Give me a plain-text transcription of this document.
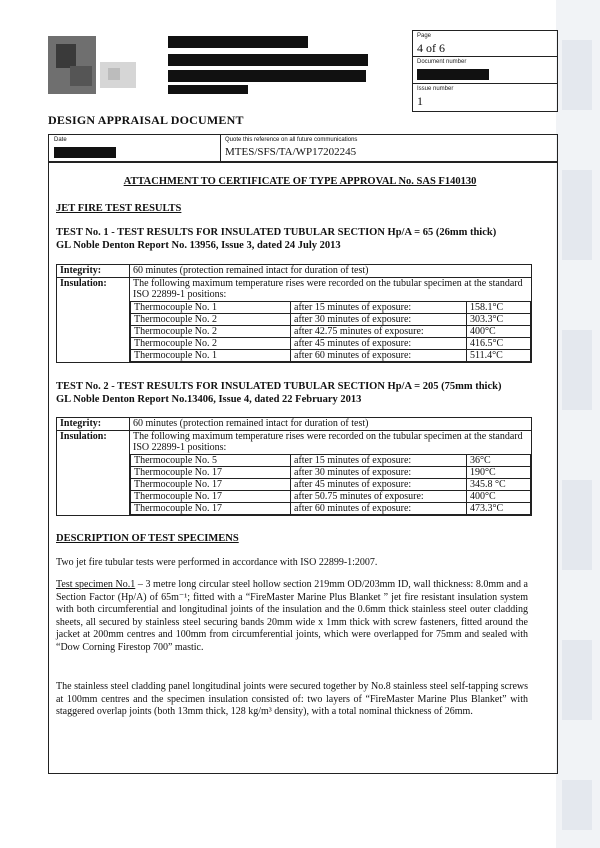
Page
4 of 6
Document number
Issue number
1
DESIGN APPRAISAL DOCUMENT
Date	Quote this reference on all future communications
MTES/SFS/TA/WP17202245
ATTACHMENT TO CERTIFICATE OF TYPE APPROVAL No. SAS F140130
JET FIRE TEST RESULTS
TEST No. 1 - TEST RESULTS FOR INSULATED TUBULAR SECTION Hp/A = 65 (26mm thick)
GL Noble Denton Report No. 13956, Issue 3, dated 24 July 2013
Integrity:	60 minutes (protection remained intact for duration of test)
Insulation:	The following maximum temperature rises were recorded on the tubular specimen at the standard ISO 22899-1 positions:
Thermocouple No. 1	after 15 minutes of exposure:	158.1°C
Thermocouple No. 2	after 30 minutes of exposure:	303.3°C
Thermocouple No. 2	after 42.75 minutes of exposure:	400°C
Thermocouple No. 2	after 45 minutes of exposure:	416.5°C
Thermocouple No. 1	after 60 minutes of exposure:	511.4°C
TEST No. 2 - TEST RESULTS FOR INSULATED TUBULAR SECTION Hp/A = 205 (75mm thick)
GL Noble Denton Report No.13406, Issue 4, dated 22 February 2013
Integrity:	60 minutes (protection remained intact for duration of test)
Insulation:	The following maximum temperature rises were recorded on the tubular specimen at the standard ISO 22899-1 positions:
Thermocouple No. 5	after 15 minutes of exposure:	36°C
Thermocouple No. 17	after 30 minutes of exposure:	190°C
Thermocouple No. 17	after 45 minutes of exposure:	345.8 °C
Thermocouple No. 17	after 50.75 minutes of exposure:	400°C
Thermocouple No. 17	after 60 minutes of exposure:	473.3°C
DESCRIPTION OF TEST SPECIMENS
Two jet fire tubular tests were performed in accordance with ISO 22899-1:2007.
Test specimen No.1 – 3 metre long circular steel hollow section 219mm OD/203mm ID, wall thickness: 8.0mm and a Section Factor (Hp/A) of 65m⁻¹; fitted with a “FireMaster Marine Plus Blanket ” jet fire resistant insulation system with both circumferential and longitudinal joints of the insulation and the 0.6mm thick stainless steel outer cladding sheets, all secured by stainless steel securing bands 20mm wide x 1mm thick with screw fasteners, fitted around the jacket at 200mm centres and 100mm from circumferential joints, which were overlapped for 75mm and sealed with “Dow Corning Firestop 700” mastic.
The stainless steel cladding panel longitudinal joints were secured together by No.8 stainless steel self-tapping screws at 100mm centres and the specimen insulation consisted of: two layers of “FireMaster Marine Plus Blanket” with staggered overlap joints (both 13mm thick, 128 kg/m³ density), with a total nominal thickness of 26mm.
